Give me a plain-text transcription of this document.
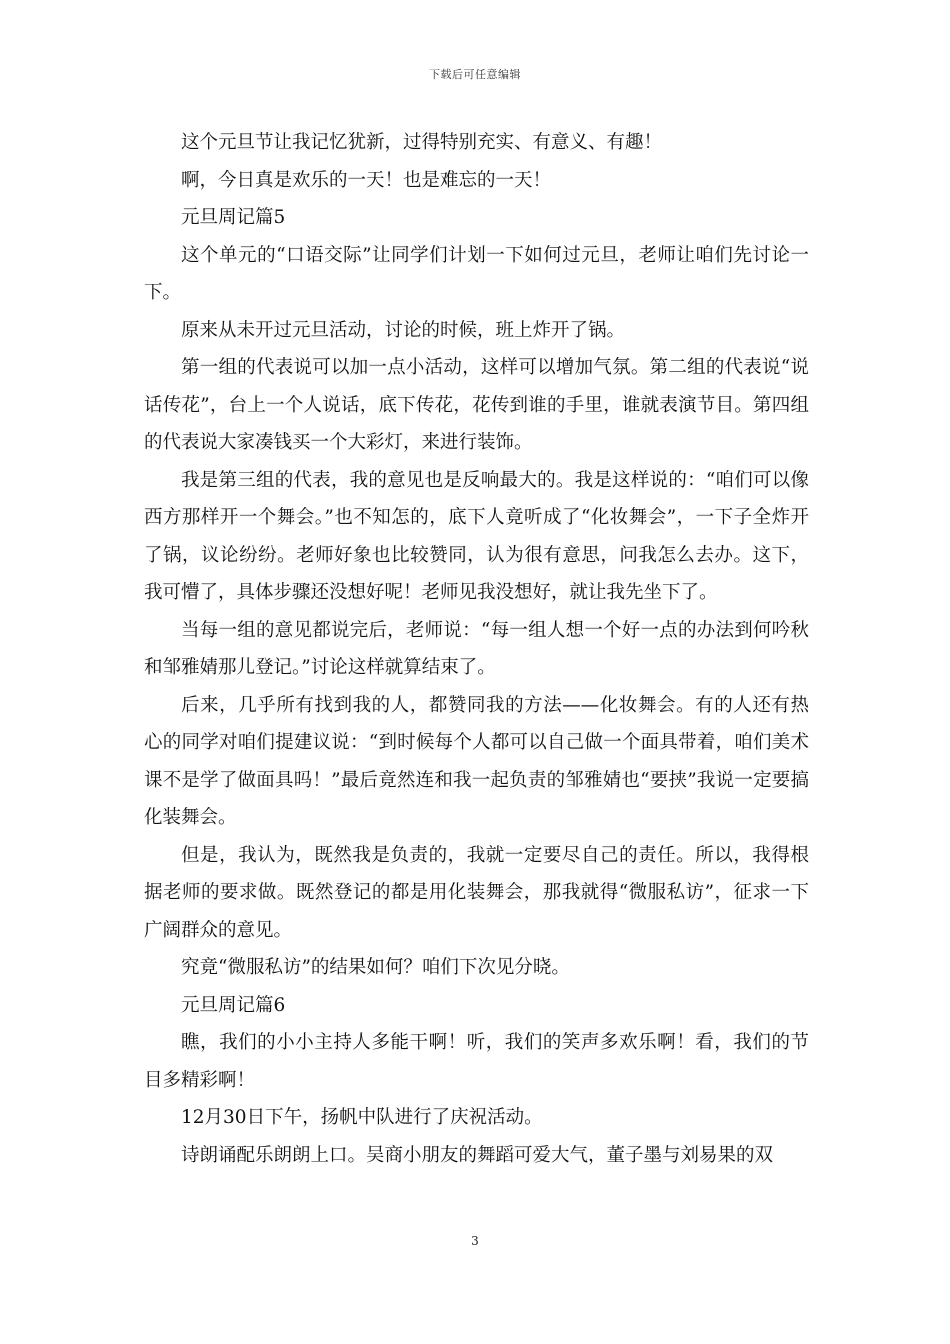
下载后可任意编辑

这个元旦节让我记忆犹新，过得特别充实、有意义、有趣！

啊，今日真是欢乐的一天！也是难忘的一天！

元旦周记篇5

这个单元的“口语交际”让同学们计划一下如何过元旦，老师让咱们先讨论一下。

原来从未开过元旦活动，讨论的时候，班上炸开了锅。

第一组的代表说可以加一点小活动，这样可以增加气氛。第二组的代表说“说话传花”，台上一个人说话，底下传花，花传到谁的手里，谁就表演节目。第四组的代表说大家凑钱买一个大彩灯，来进行装饰。

我是第三组的代表，我的意见也是反响最大的。我是这样说的：“咱们可以像西方那样开一个舞会。”也不知怎的，底下人竟听成了“化妆舞会”，一下子全炸开了锅，议论纷纷。老师好象也比较赞同，认为很有意思，问我怎么去办。这下，我可懵了，具体步骤还没想好呢！老师见我没想好，就让我先坐下了。

当每一组的意见都说完后，老师说：“每一组人想一个好一点的办法到何吟秋和邹雅婧那儿登记。”讨论这样就算结束了。

后来，几乎所有找到我的人，都赞同我的方法——化妆舞会。有的人还有热心的同学对咱们提建议说：“到时候每个人都可以自己做一个面具带着，咱们美术课不是学了做面具吗！”最后竟然连和我一起负责的邹雅婧也“要挟”我说一定要搞化装舞会。

但是，我认为，既然我是负责的，我就一定要尽自己的责任。所以，我得根据老师的要求做。既然登记的都是用化装舞会，那我就得“微服私访”，征求一下广阔群众的意见。

究竟“微服私访”的结果如何？咱们下次见分晓。

元旦周记篇6

瞧，我们的小小主持人多能干啊！听，我们的笑声多欢乐啊！看，我们的节目多精彩啊！

12月30日下午，扬帆中队进行了庆祝活动。

诗朗诵配乐朗朗上口。吴商小朋友的舞蹈可爱大气，董子墨与刘易果的双

3
